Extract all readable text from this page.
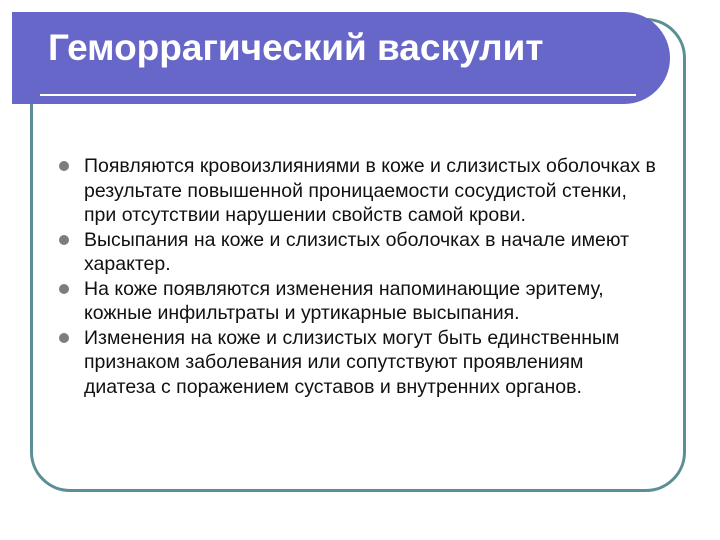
Геморрагический васкулит
Появляются кровоизлияниями в коже и слизистых оболочках в результате повышенной проницаемости сосудистой стенки, при отсутствии нарушении свойств самой крови.
Высыпания на коже и слизистых оболочках в начале имеют характер.
На коже появляются изменения напоминающие эритему, кожные инфильтраты и уртикарные высыпания.
Изменения на коже и слизистых могут быть единственным признаком заболевания или сопутствуют проявлениям диатеза с поражением суставов и внутренних органов.
